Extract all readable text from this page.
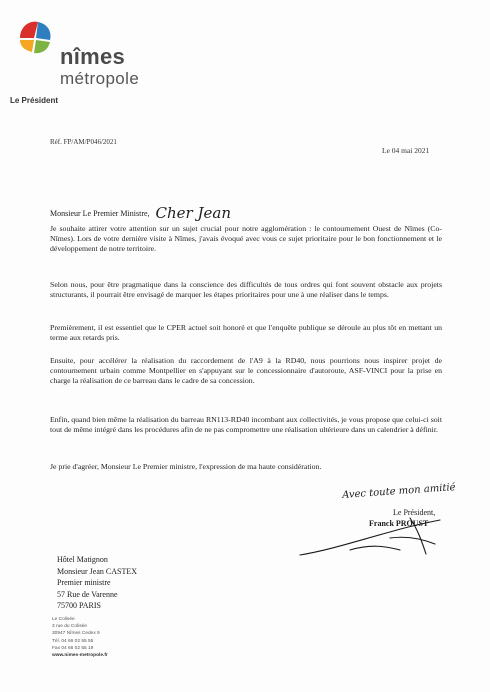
nîmes
métropole
Le Président
Réf. FP/AM/P046/2021
Le 04 mai 2021
Monsieur Le Premier Ministre, Cher Jean
Je souhaite attirer votre attention sur un sujet crucial pour notre agglomération : le contournement Ouest de Nîmes (Co-Nîmes). Lors de votre dernière visite à Nîmes, j'avais évoqué avec vous ce sujet prioritaire pour le bon fonctionnement et le développement de notre territoire.
Selon nous, pour être pragmatique dans la conscience des difficultés de tous ordres qui font souvent obstacle aux projets structurants, il pourrait être envisagé de marquer les étapes prioritaires pour une à une réaliser dans le temps.
Premièrement, il est essentiel que le CPER actuel soit honoré et que l'enquête publique se déroule au plus tôt en mettant un terme aux retards pris.
Ensuite, pour accélérer la réalisation du raccordement de l'A9 à la RD40, nous pourrions nous inspirer projet de contournement urbain comme Montpellier en s'appuyant sur le concessionnaire d'autoroute, ASF-VINCI pour la prise en charge la réalisation de ce barreau dans le cadre de sa concession.
Enfin, quand bien même la réalisation du barreau RN113-RD40 incombant aux collectivités, je vous propose que celui-ci soit tout de même intégré dans les procédures afin de ne pas compromettre une réalisation ultérieure dans un calendrier à définir.
Je prie d'agréer, Monsieur Le Premier ministre, l'expression de ma haute considération.
Avec toute mon amitié
Le Président,
Franck PROUST
Hôtel Matignon
Monsieur Jean CASTEX
Premier ministre
57 Rue de Varenne
75700 PARIS
Le Colisée
3 rue du Colisée
30947 Nîmes Cedex 9
Tél. 04 66 02 55 55
Fax 04 66 02 55 19
www.nimes-metropole.fr
